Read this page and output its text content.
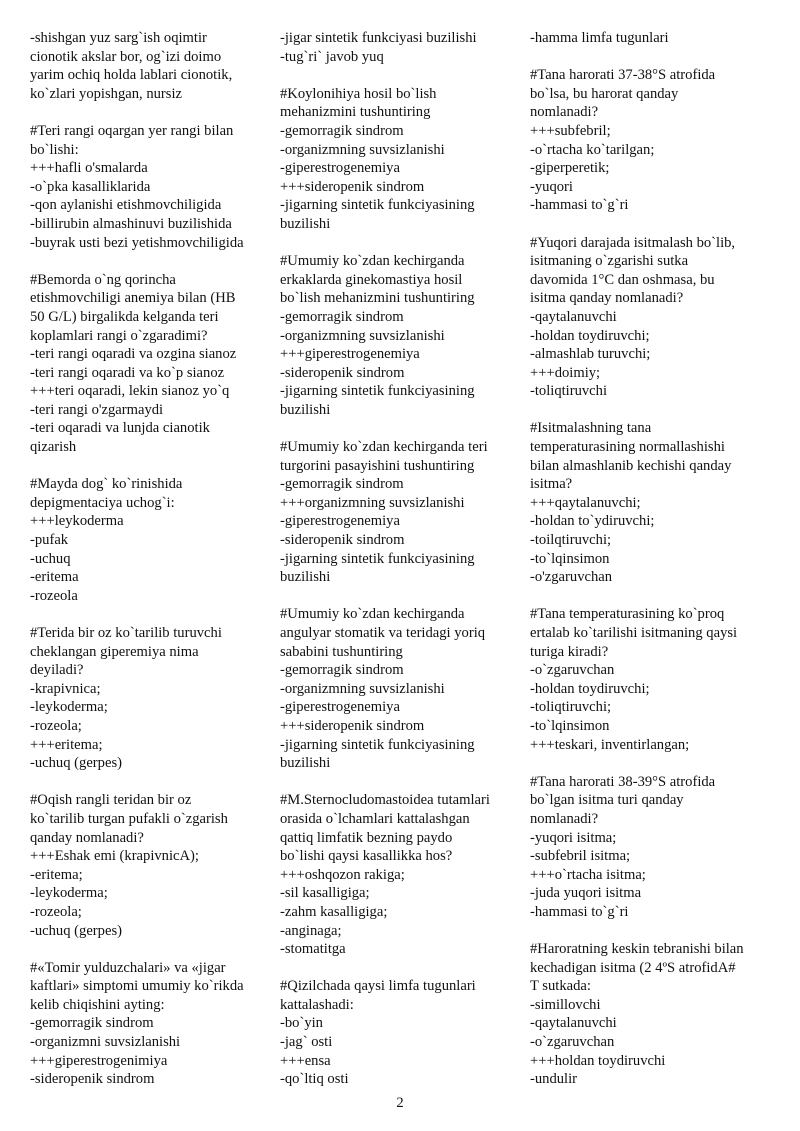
-shishgan yuz sarg`ish oqimtir
cionotik akslar bor, og`izi doimo
yarim ochiq holda lablari cionotik,
ko`zlari yopishgan, nursiz
#Teri rangi oqargan yer rangi bilan
bo`lishi:
+++hafli o'smalarda
-o`pka kasalliklarida
-qon aylanishi etishmovchiligida
-billirubin almashinuvi buzilishida
-buyrak usti bezi yetishmovchiligida
#Bemorda o`ng qorincha
etishmovchiligi anemiya bilan (HB
50 G/L) birgalikda kelganda teri
koplamlari rangi o`zgaradimi?
-teri rangi oqaradi va ozgina sianoz
-teri rangi oqaradi va ko`p sianoz
+++teri oqaradi, lekin sianoz yo`q
-teri rangi o'zgarmaydi
-teri oqaradi va lunjda cianotik
qizarish
#Mayda dog` ko`rinishida
depigmentaciya uchog`i:
+++leykoderma
-pufak
-uchuq
-eritema
-rozeola
#Terida bir oz ko`tarilib turuvchi
cheklangan giperemiya nima
deyiladi?
-krapivnica;
-leykoderma;
-rozeola;
+++eritema;
-uchuq (gerpes)
#Oqish rangli teridan bir oz
ko`tarilib turgan pufakli o`zgarish
qanday nomlanadi?
+++Eshak emi (krapivnicA);
-eritema;
-leykoderma;
-rozeola;
-uchuq (gerpes)
#«Tomir yulduzchalari» va «jigar
kaftlari» simptomi umumiy ko`rikda
kelib chiqishini ayting:
-gemorragik sindrom
-organizmni suvsizlanishi
+++giperestrogenimiya
-sideropenik sindrom
-jigar sintetik funkciyasi buzilishi
-tug`ri` javob yuq
#Koylonihiya hosil bo`lish
mehanizmini tushuntiring
-gemorragik sindrom
-organizmning suvsizlanishi
-giperestrogenemiya
+++sideropenik sindrom
-jigarning sintetik funkciyasining
buzilishi
#Umumiy ko`zdan kechirganda
erkaklarda ginekomastiya hosil
bo`lish mehanizmini tushuntiring
-gemorragik sindrom
-organizmning suvsizlanishi
+++giperestrogenemiya
-sideropenik sindrom
-jigarning sintetik funkciyasining
buzilishi
#Umumiy ko`zdan kechirganda teri
turgorini pasayishini tushuntiring
-gemorragik sindrom
+++organizmning suvsizlanishi
-giperestrogenemiya
-sideropenik sindrom
-jigarning sintetik funkciyasining
buzilishi
#Umumiy ko`zdan kechirganda
angulyar stomatik va teridagi yoriq
sababini tushuntiring
-gemorragik sindrom
-organizmning suvsizlanishi
-giperestrogenemiya
+++sideropenik sindrom
-jigarning sintetik funkciyasining
buzilishi
#M.Sternocludomastoidea tutamlari
orasida o`lchamlari kattalashgan
qattiq limfatik bezning paydo
bo`lishi qaysi kasallikka hos?
+++oshqozon rakiga;
-sil kasalligiga;
-zahm kasalligiga;
-anginaga;
-stomatitga
#Qizilchada qaysi limfa tugunlari
kattalashadi:
-bo`yin
-jag` osti
+++ensa
-qo`ltiq osti
-hamma limfa tugunlari
#Tana harorati 37-38°S atrofida
bo`lsa, bu harorat qanday
nomlanadi?
+++subfebril;
-o`rtacha ko`tarilgan;
-giperperetik;
-yuqori
-hammasi to`g`ri
#Yuqori darajada isitmalash bo`lib,
isitmaning o`zgarishi sutka
davomida 1°C dan oshmasa, bu
isitma qanday nomlanadi?
-qaytalanuvchi
-holdan toydiruvchi;
-almashlab turuvchi;
+++doimiy;
-toliqtiruvchi
#Isitmalashning tana
temperaturasining normallashishi
bilan almashlanib kechishi qanday
isitma?
+++qaytalanuvchi;
-holdan to`ydiruvchi;
-toilqtiruvchi;
-to`lqinsimon
-o'zgaruvchan
#Tana temperaturasining ko`proq
ertalab ko`tarilishi isitmaning qaysi
turiga kiradi?
-o`zgaruvchan
-holdan toydiruvchi;
-toliqtiruvchi;
-to`lqinsimon
+++teskari, inventirlangan;
#Tana harorati 38-39°S atrofida
bo`lgan isitma turi qanday
nomlanadi?
-yuqori isitma;
-subfebril isitma;
+++o`rtacha isitma;
-juda yuqori isitma
-hammasi to`g`ri
#Haroratning keskin tebranishi bilan
kechadigan isitma (2 4ºS atrofidA#
T sutkada:
-simillovchi
-qaytalanuvchi
-o`zgaruvchan
+++holdan toydiruvchi
-undulir
2
